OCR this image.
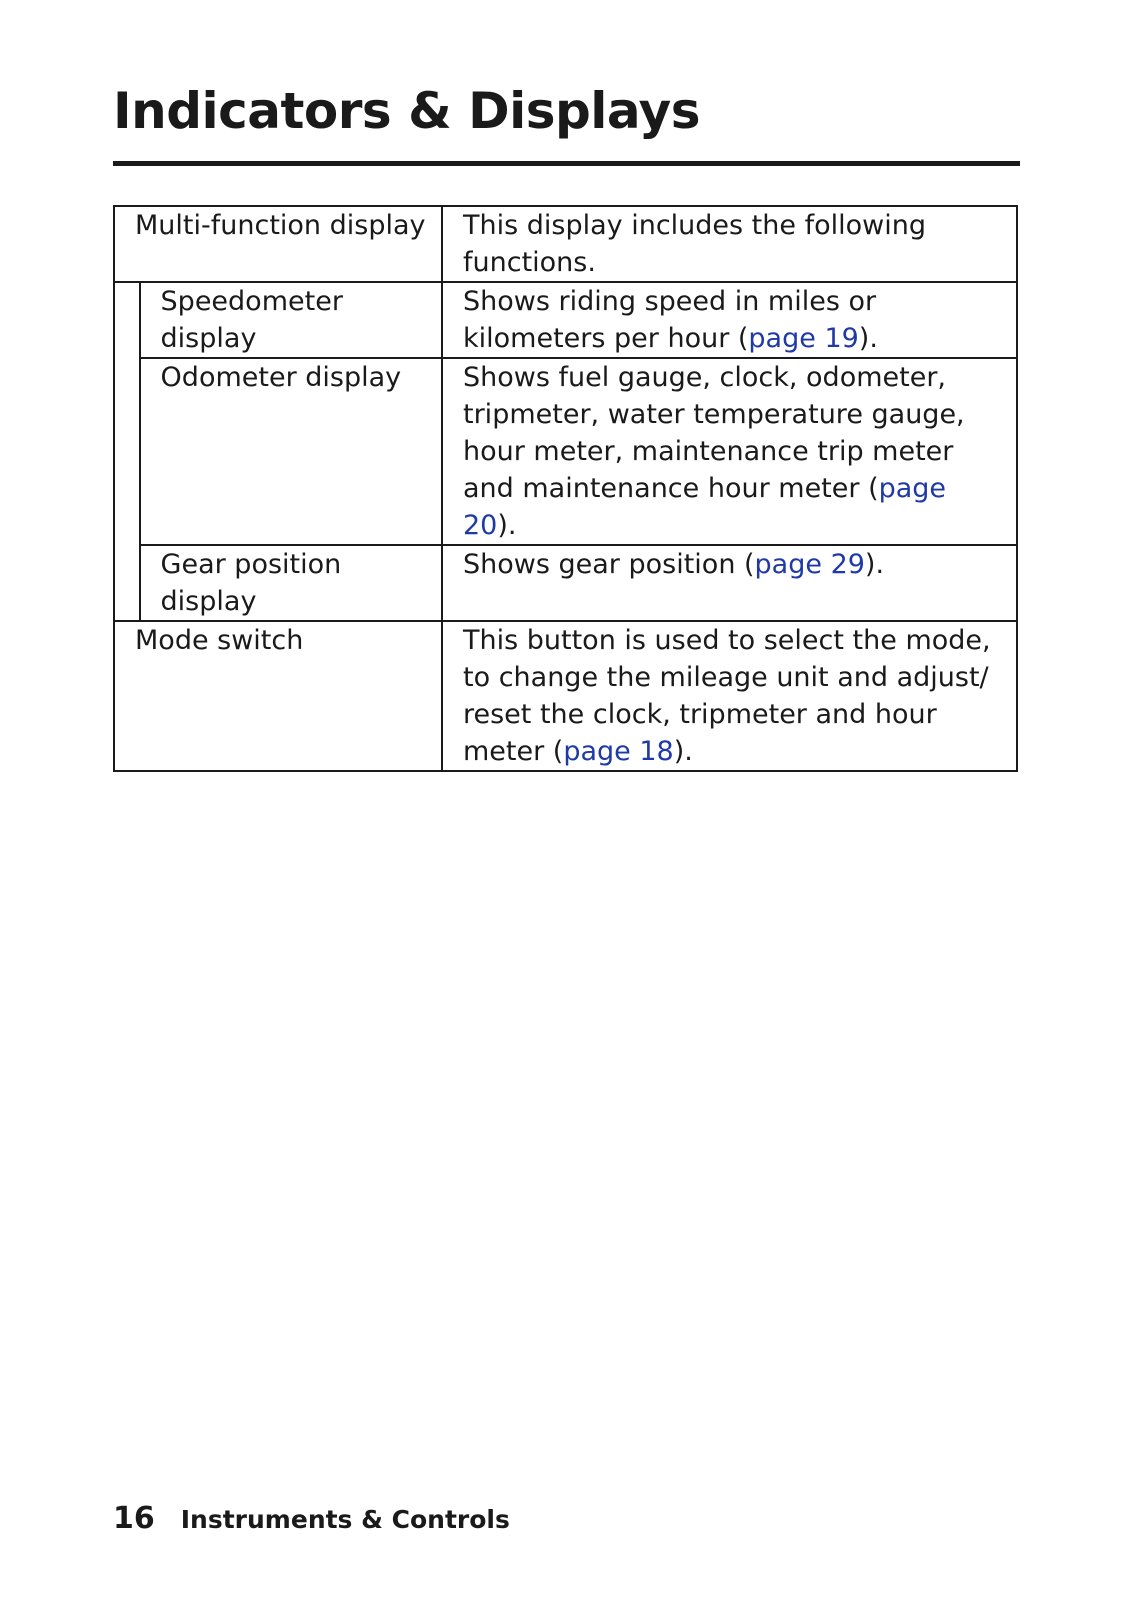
Indicators & Displays
Multi-function display		This display includes the following functions.
	Speedometer display	Shows riding speed in miles or kilometers per hour (page 19).
	Odometer display	Shows fuel gauge, clock, odometer, tripmeter, water temperature gauge, hour meter, maintenance trip meter and maintenance hour meter (page 20).
	Gear position display	Shows gear position (page 29).
Mode switch		This button is used to select the mode, to change the mileage unit and adjust/ reset the clock, tripmeter and hour meter (page 18).
16 Instruments & Controls
